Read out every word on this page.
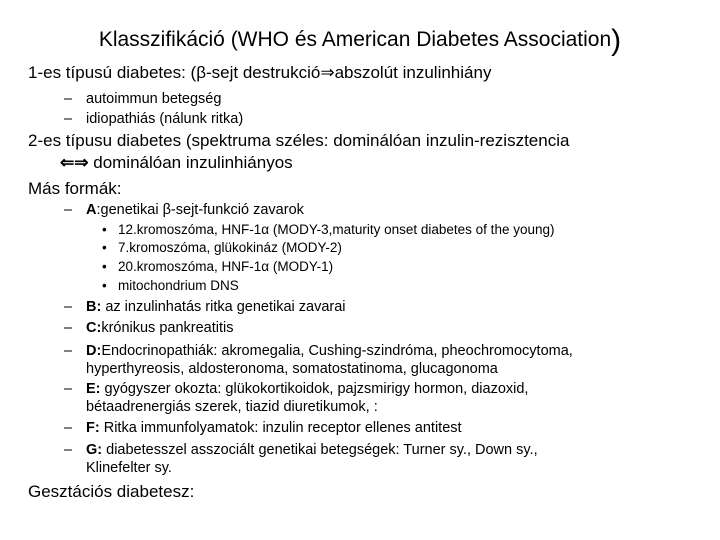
Klasszifikáció (WHO és American Diabetes Association)
1-es típusú diabetes: (β-sejt destrukció⇒abszolút inzulinhiány
– autoimmun betegség
– idiopathiás (nálunk ritka)
2-es típusu diabetes (spektruma széles: dominálóan inzulin-rezisztencia
⇐⇒ dominálóan inzulinhiányos
Más formák:
– A:genetikai β-sejt-funkció zavarok
• 12.kromoszóma, HNF-1α (MODY-3,maturity onset diabetes of the young)
• 7.kromoszóma, glükokináz (MODY-2)
• 20.kromoszóma, HNF-1α (MODY-1)
• mitochondrium DNS
– B: az inzulinhatás ritka genetikai zavarai
– C:krónikus pankreatitis
– D:Endocrinopathiák: akromegalia, Cushing-szindróma, pheochromocytoma,
hyperthyreosis, aldosteronoma, somatostatinoma, glucagonoma
– E: gyógyszer okozta: glükokortikoidok, pajzsmirigy hormon, diazoxid,
bétaadrenergiás szerek, tiazid diuretikumok, :
– F: Ritka immunfolyamatok: inzulin receptor ellenes antitest
– G: diabetesszel asszociált genetikai betegségek: Turner sy., Down sy.,
Klinefelter sy.
Gesztációs diabetesz:
